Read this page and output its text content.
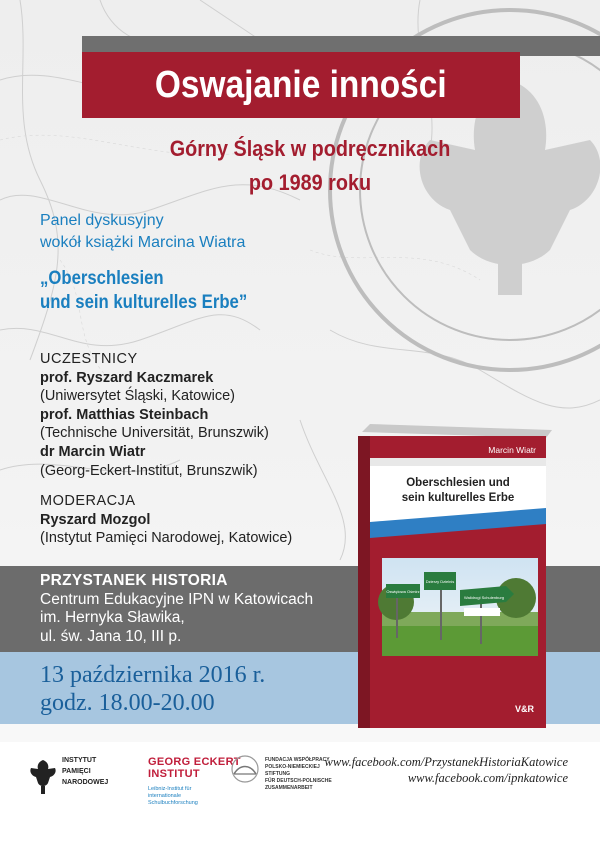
Oswajanie inności
Górny Śląsk w podręcznikach
po 1989 roku
Panel dyskusyjny
wokół książki Marcina Wiatra
„Oberschlesien
und sein kulturelles Erbe”
UCZESTNICY
prof. Ryszard Kaczmarek
(Uniwersytet Śląski, Katowice)
prof. Matthias Steinbach
(Technische Universität, Brunszwik)
dr Marcin Wiatr
(Georg-Eckert-Institut, Brunszwik)
MODERACJA
Ryszard Mozgol
(Instytut Pamięci Narodowej, Katowice)
PRZYSTANEK HISTORIA
Centrum Edukacyjne IPN w Katowicach
im. Hernyka Sławika,
ul. św. Jana 10, III p.
13 października 2016 r.
godz. 18.00-20.00
Marcin Wiatr
Oberschlesien und
sein kulturelles Erbe
Oswiętowa Ośmirz
Dzierzy Dzielnis
Walidrogi Schulenburg
V&R
INSTYTUT
PAMIĘCI
NARODOWEJ
GEORG ECKERT
INSTITUT
Leibniz-Institut für
internationale
Schulbuchforschung
FUNDACJA WSPÓŁPRACY
POLSKO-NIEMIECKIEJ
STIFTUNG
FÜR DEUTSCH-POLNISCHE
ZUSAMMENARBEIT
www.facebook.com/PrzystanekHistoriaKatowice
www.facebook.com/ipnkatowice
